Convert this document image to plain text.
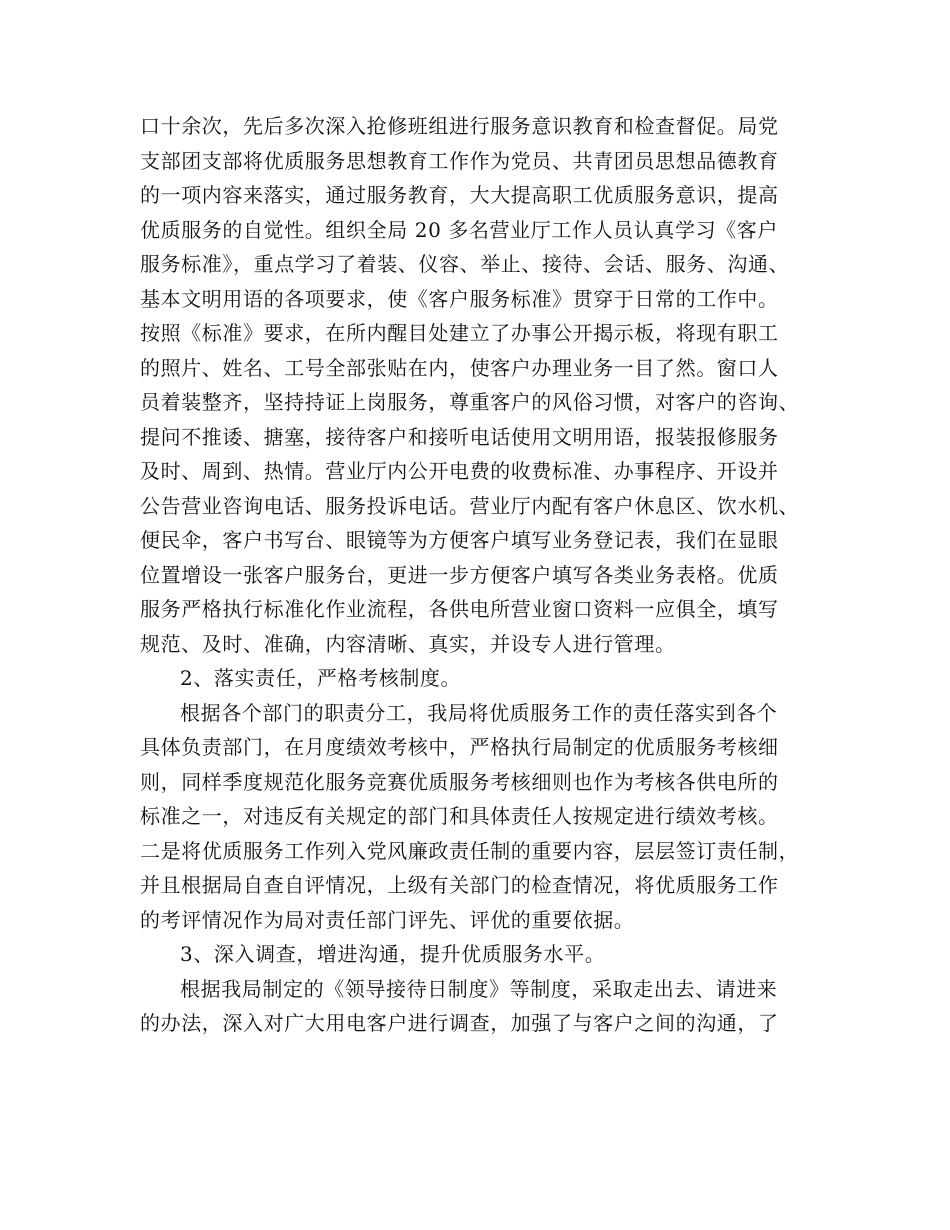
口十余次，先后多次深入抢修班组进行服务意识教育和检查督促。局党
支部团支部将优质服务思想教育工作作为党员、共青团员思想品德教育
的一项内容来落实，通过服务教育，大大提高职工优质服务意识，提高
优质服务的自觉性。组织全局 20 多名营业厅工作人员认真学习《客户
服务标准》，重点学习了着装、仪容、举止、接待、会话、服务、沟通、
基本文明用语的各项要求，使《客户服务标准》贯穿于日常的工作中。
按照《标准》要求，在所内醒目处建立了办事公开揭示板，将现有职工
的照片、姓名、工号全部张贴在内，使客户办理业务一目了然。窗口人
员着装整齐，坚持持证上岗服务，尊重客户的风俗习惯，对客户的咨询、
提问不推诿、搪塞，接待客户和接听电话使用文明用语，报装报修服务
及时、周到、热情。营业厅内公开电费的收费标准、办事程序、开设并
公告营业咨询电话、服务投诉电话。营业厅内配有客户休息区、饮水机、
便民伞，客户书写台、眼镜等为方便客户填写业务登记表，我们在显眼
位置增设一张客户服务台，更进一步方便客户填写各类业务表格。优质
服务严格执行标准化作业流程，各供电所营业窗口资料一应俱全，填写
规范、及时、准确，内容清晰、真实，并设专人进行管理。
2、落实责任，严格考核制度。
根据各个部门的职责分工，我局将优质服务工作的责任落实到各个
具体负责部门，在月度绩效考核中，严格执行局制定的优质服务考核细
则，同样季度规范化服务竞赛优质服务考核细则也作为考核各供电所的
标准之一，对违反有关规定的部门和具体责任人按规定进行绩效考核。
二是将优质服务工作列入党风廉政责任制的重要内容，层层签订责任制，
并且根据局自查自评情况，上级有关部门的检查情况，将优质服务工作
的考评情况作为局对责任部门评先、评优的重要依据。
3、深入调查，增进沟通，提升优质服务水平。
根据我局制定的《领导接待日制度》等制度，采取走出去、请进来
的办法，深入对广大用电客户进行调查，加强了与客户之间的沟通，了
